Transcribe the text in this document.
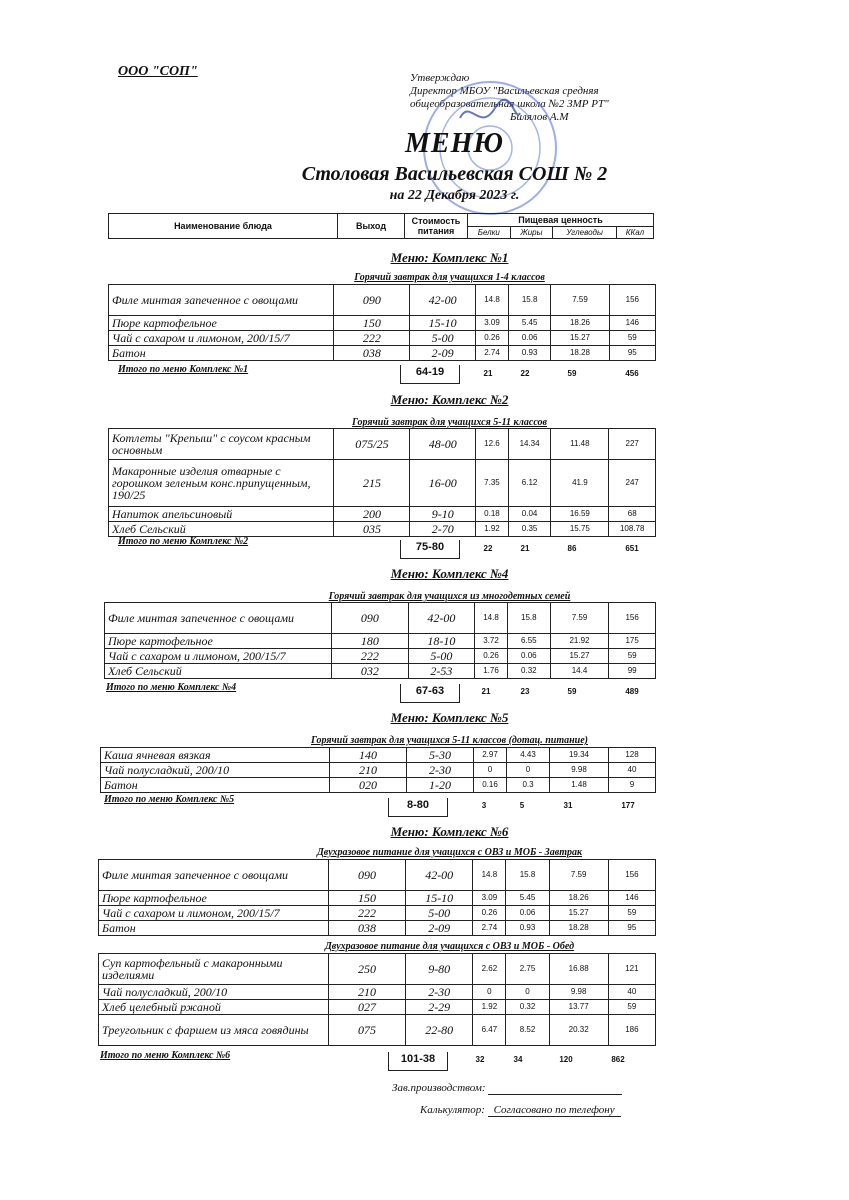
ООО "СОП"	Утверждаю
Директор МБОУ "Васильевская средняя
общеобразовательная школа №2 ЗМР РТ"
Билялов А.М
МЕНЮ
Столовая Васильевская СОШ № 2
на 22 Декабря 2023 г.
Наименование блюда	Выход	Стоимость питания	Пищевая ценность			
			Белки	Жиры	Углеводы	ККал
Меню: Комплекс №1
Горячий завтрак для учащихся 1-4 классов
Филе минтая запеченное с овощами	090	42-00	14.8	15.8	7.59	156
Пюре картофельное	150	15-10	3.09	5.45	18.26	146
Чай с сахаром и лимоном, 200/15/7	222	5-00	0.26	0.06	15.27	59
Батон	038	2-09	2.74	0.93	18.28	95
Итого по меню Комплекс №1	64-19	21	22	59	456
Меню: Комплекс №2
Горячий завтрак для учащихся 5-11 классов
Котлеты "Крепыш" с соусом красным основным	075/25	48-00	12.6	14.34	11.48	227
Макаронные изделия отварные с горошком зеленым конс.припущенным, 190/25	215	16-00	7.35	6.12	41.9	247
Напиток апельсиновый	200	9-10	0.18	0.04	16.59	68
Хлеб Сельский	035	2-70	1.92	0.35	15.75	108.78
Итого по меню Комплекс №2	75-80	22	21	86	651
Меню: Комплекс №4
Горячий завтрак для учащихся из многодетных семей
Филе минтая запеченное с овощами	090	42-00	14.8	15.8	7.59	156
Пюре картофельное	180	18-10	3.72	6.55	21.92	175
Чай с сахаром и лимоном, 200/15/7	222	5-00	0.26	0.06	15.27	59
Хлеб Сельский	032	2-53	1.76	0.32	14.4	99
Итого по меню Комплекс №4	67-63	21	23	59	489
Меню: Комплекс №5
Горячий завтрак для учащихся 5-11 классов (дотац. питание)
Каша ячневая вязкая	140	5-30	2.97	4.43	19.34	128
Чай полусладкий, 200/10	210	2-30	0	0	9.98	40
Батон	020	1-20	0.16	0.3	1.48	9
Итого по меню Комплекс №5	8-80	3	5	31	177
Меню: Комплекс №6
Двухразовое питание для учащихся с ОВЗ и МОБ - Завтрак
Филе минтая запеченное с овощами	090	42-00	14.8	15.8	7.59	156
Пюре картофельное	150	15-10	3.09	5.45	18.26	146
Чай с сахаром и лимоном, 200/15/7	222	5-00	0.26	0.06	15.27	59
Батон	038	2-09	2.74	0.93	18.28	95
Двухразовое питание для учащихся с ОВЗ и МОБ - Обед
Суп картофельный с макаронными изделиями	250	9-80	2.62	2.75	16.88	121
Чай полусладкий, 200/10	210	2-30	0	0	9.98	40
Хлеб целебный ржаной	027	2-29	1.92	0.32	13.77	59
Треугольник с фаршем из мяса говядины	075	22-80	6.47	8.52	20.32	186
Итого по меню Комплекс №6	101-38	32	34	120	862
Зав.производством:
Калькулятор: Согласовано по телефону
